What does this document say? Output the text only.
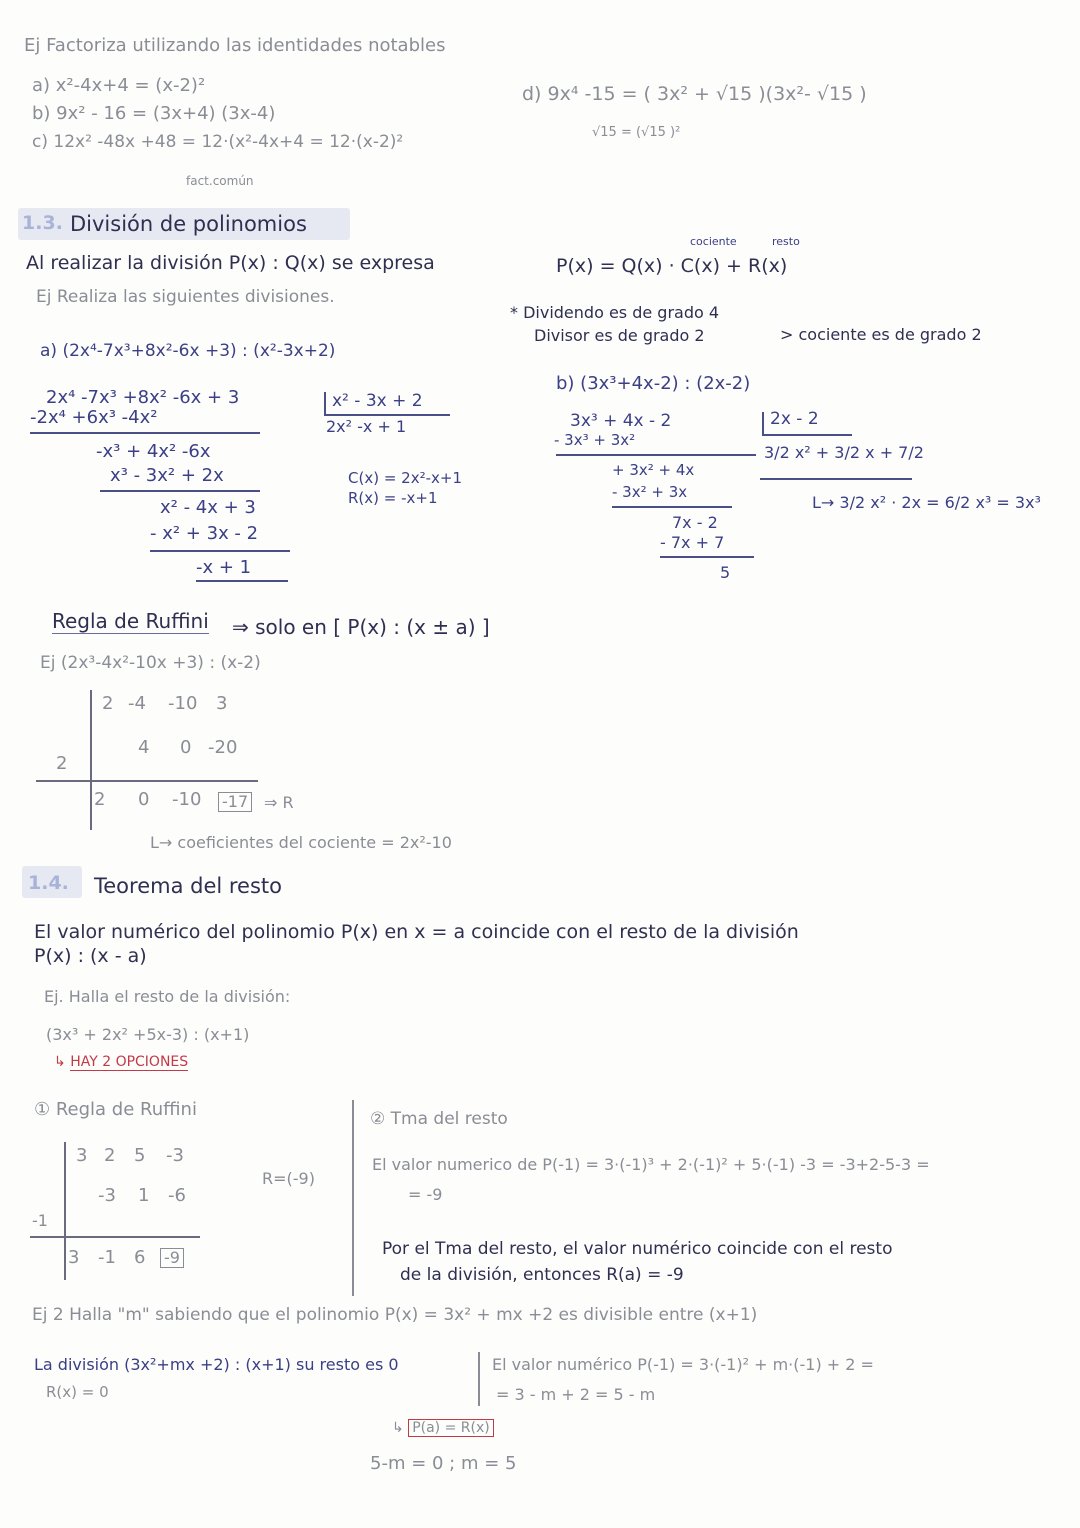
Ej Factoriza utilizando las identidades notables
a) x²-4x+4 = (x-2)²
b) 9x² - 16 = (3x+4) (3x-4)
c) 12x² -48x +48 = 12·(x²-4x+4 = 12·(x-2)²
fact.común
d) 9x⁴ -15 = ( 3x² + √15 )(3x²- √15 )
√15 = (√15 )²
1.3. División de polinomios
cociente	resto
Al realizar la división P(x) : Q(x) se expresa	P(x) = Q(x) · C(x) + R(x)
Ej Realiza las siguientes divisiones.
* Dividendo es de grado 4
Divisor es de grado 2	> cociente es de grado 2
a) (2x⁴-7x³+8x²-6x +3) : (x²-3x+2)
2x⁴ -7x³ +8x² -6x + 3
-2x⁴ +6x³ -4x²
-x³ + 4x² -6x
x³ - 3x² + 2x
x² - 4x + 3
- x² + 3x - 2
-x + 1
x² - 3x + 2
2x² -x + 1
C(x) = 2x²-x+1
R(x) = -x+1
b) (3x³+4x-2) : (2x-2)
3x³ + 4x - 2
- 3x³ + 3x²
+ 3x² + 4x
- 3x² + 3x
7x - 2
- 7x + 7
5
2x - 2
3/2 x² + 3/2 x + 7/2
L→ 3/2 x² · 2x = 6/2 x³ = 3x³
Regla de Ruffini ⇒ solo en [ P(x) : (x ± a) ]
Ej (2x³-4x²-10x +3) : (x-2)
2 -4 -10 3
4 0 -20
2
2 0 -10 -17 ⇒ R
L→ coeficientes del cociente = 2x²-10
1.4. Teorema del resto
El valor numérico del polinomio P(x) en x = a coincide con el resto de la división
P(x) : (x - a)
Ej. Halla el resto de la división:
(3x³ + 2x² +5x-3) : (x+1)
↳ HAY 2 OPCIONES
① Regla de Ruffini
3 2 5 -3
-3 1 -6
-1
3 -1 6 -9
R=(-9)
② Tma del resto
El valor numerico de P(-1) = 3·(-1)³ + 2·(-1)² + 5·(-1) -3 = -3+2-5-3 =
= -9
Por el Tma del resto, el valor numérico coincide con el resto
de la división, entonces R(a) = -9
Ej 2 Halla "m" sabiendo que el polinomio P(x) = 3x² + mx +2 es divisible entre (x+1)
La división (3x²+mx +2) : (x+1) su resto es 0
R(x) = 0
El valor numérico P(-1) = 3·(-1)² + m·(-1) + 2 =
= 3 - m + 2 = 5 - m
↳ P(a) = R(x)
5-m = 0 ; m = 5
